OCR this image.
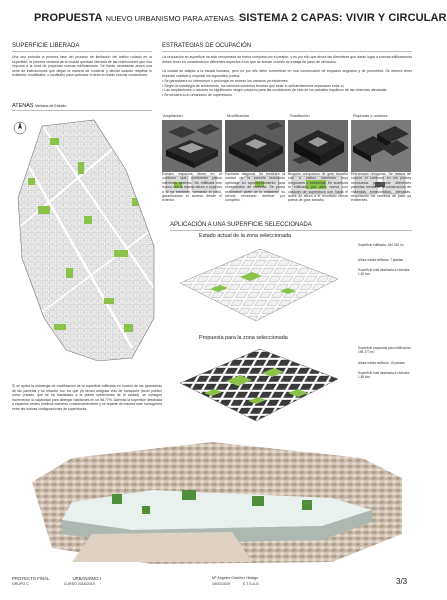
PROPUESTA NUEVO URBANISMO PARA ATENAS. SISTEMA 2 CAPAS: VIVIR Y CIRCULAR
SUPERFICIE LIBERADA
Una vez incluida la primera fase del proceso de limitación del tráfico rodado en la superficie, la primera ventana de la ciudad quedará liberada de las restricciones que eso imponía a la hora de proyectar nuevas edificaciones. Se harán necesarias ahora una serie de instrucciones que dirijan la manera de construir y decidir cuándo respetar lo existente, modificarlo, o sustituirlo para optimizar el área en estas nuevas condiciones.
ATENAS Ventana de Estudio
ESTRATEGIAS DE OCUPACIÓN
La circulación en superficie ha sido recuperada de forma completa por el peatón, y es por ello que ahora las directrices que darán lugar a nuevas edificaciones deben tener en consideración diferentes aspectos a los que se suman cuando se trabaja de paso de vehículos.
La ciudad se adapta a la escala humana, pero no por ello debe convertirse en una consecución de espacios angostos y de penumbra. Se deberá tener especial cuidado y respetar los siguientes puntos:
• Se garantizara no interrumpir o prolongar en exceso los caminos ya existentes.
• Según la estrategia de crecimiento, los caminos cubiertos tendrán que estar lo suficientemente separados entre sí.
• Las ampliaciones o uniones no significarán ningún perjuicio para las condiciones de vida de los actuales inquilinos de las viviendas afectadas.
• Se tenderá a un urbanismo de superblocks
Ampliación	Modificación	Sustitución	Rupturas y uniones
Existen espacios libres en el contorno que conforman patios interiores abiertos. Se edificará ese hueco con la misma altura o superior a lo ya existente, cerrando el patio, garantizando el acceso desde el exterior.
Fachada diagonal. Se restituirá la unidad de la parcela buscando optimizar su aprovechamiento para construcción de vivienda. Se podrá reconstruir parte de lo existente, no siendo necesario derribar por completo.
Bloques compactos de gran tamaño con a patios interiores muy irregulares o estrechos. Se sustituirá lo edificado por obra nueva con carácter de superblock con hacia el doble de altura a el resultado ofrece patios de gran tamaño.
Entramado ortogonal. Se tratará de romper el contorno en los puntos necesarios para unir diferentes parcelas mediante la construcción de viviendas entrecomillas, elevadas, respetando los caminos de paso ya existentes.
APLICACIÓN A UNA SUPERFICIE SELECCIONADA
Estado actual de la zona seleccionada
Superficie edificada: 184 340 m²
Altura media edificios: 7 plantas
Superficie total destinada a vivienda: 1.30 km²
Propuesta para la zona seleccionada
Superficie propuesta para edificación: 196 277 m²
Altura media edificios: 10 plantas
Superficie total destinada a vivienda: 1.86 km²
Si se aplica la estrategia de modificación de la superficie edificada en función de las geometrías de las parcelas y su relación con los que ya serían antiguas vías de transporte (tanto público como privado, que se ha trasladado a la planta subterránea de la ciudad), se consigue incrementar la capacidad para albergar habitantes en un 58.77%. Además la superficie destinada a espacios verdes públicos aumenta considerablemente y se reparte de manera más homogénea entre las nuevas configuraciones de superblocks.
PROYECTO FINAL	URBANISMO I
GRUPO C	CURSO 2018/2019
Mª Ángeles Ordóñez Hidalgo
15/02/2019	E.T.S.A.G.	3/3
